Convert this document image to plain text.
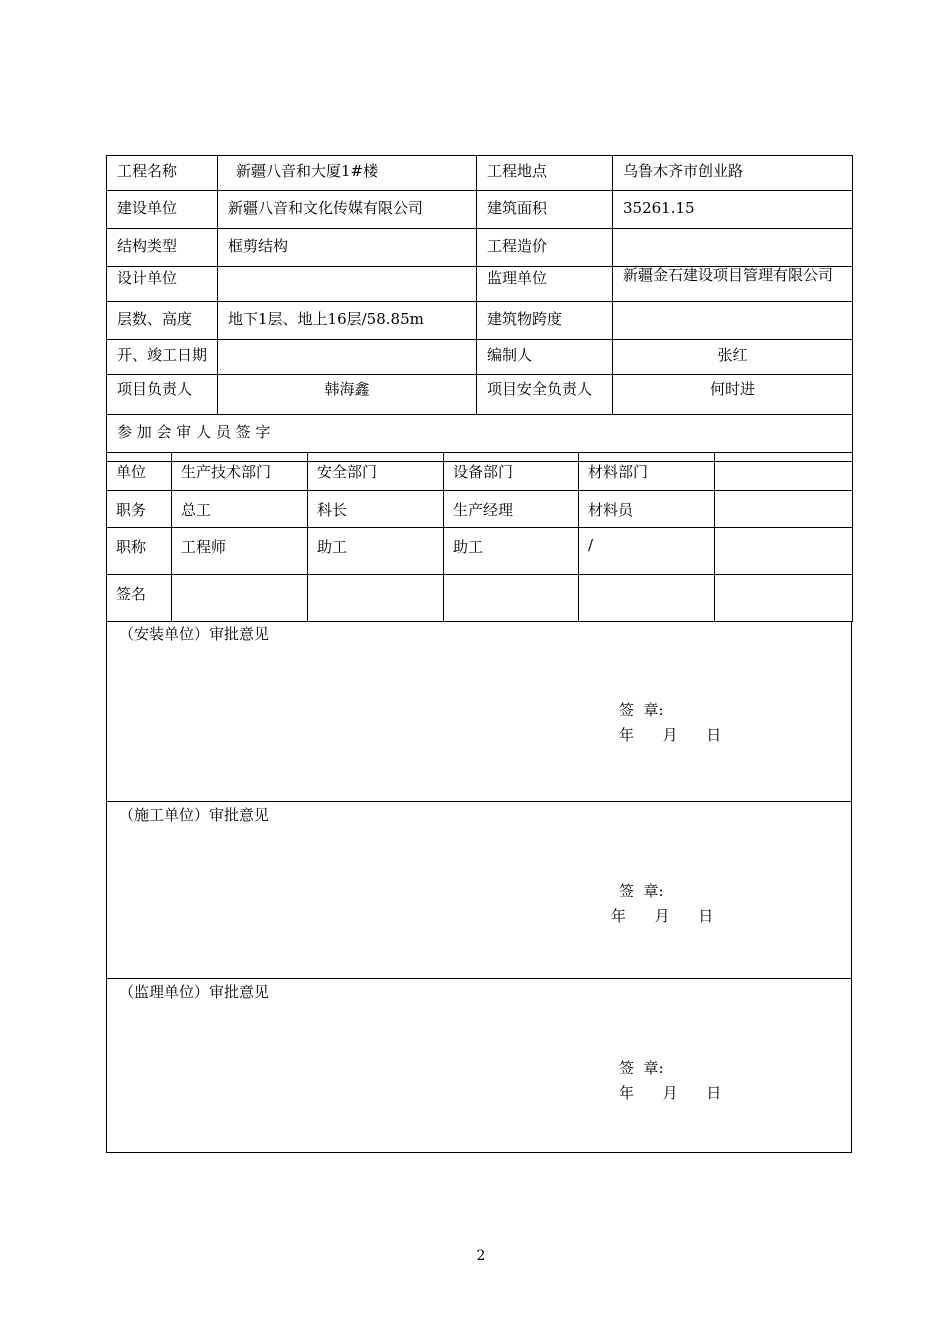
工程名称	新疆八音和大厦1#楼	工程地点	乌鲁木齐市创业路
建设单位	新疆八音和文化传媒有限公司	建筑面积	35261.15
结构类型	框剪结构	工程造价	
设计单位		监理单位	新疆金石建设项目管理有限公司
层数、高度	地下1层、地上16层/58.85m	建筑物跨度	
开、竣工日期		编制人	张红
项目负责人	韩海鑫	项目安全负责人	何时进
参 加 会 审 人 员 签 字			
单位	生产技术部门	安全部门	设备部门	材料部门	
职务	总工	科长	生产经理	材料员	
职称	工程师	助工	助工	/	
签名					
（安装单位）审批意见
签  章:
年      月      日
（施工单位）审批意见
签  章:
年      月      日
（监理单位）审批意见
签  章:
年      月      日
2
